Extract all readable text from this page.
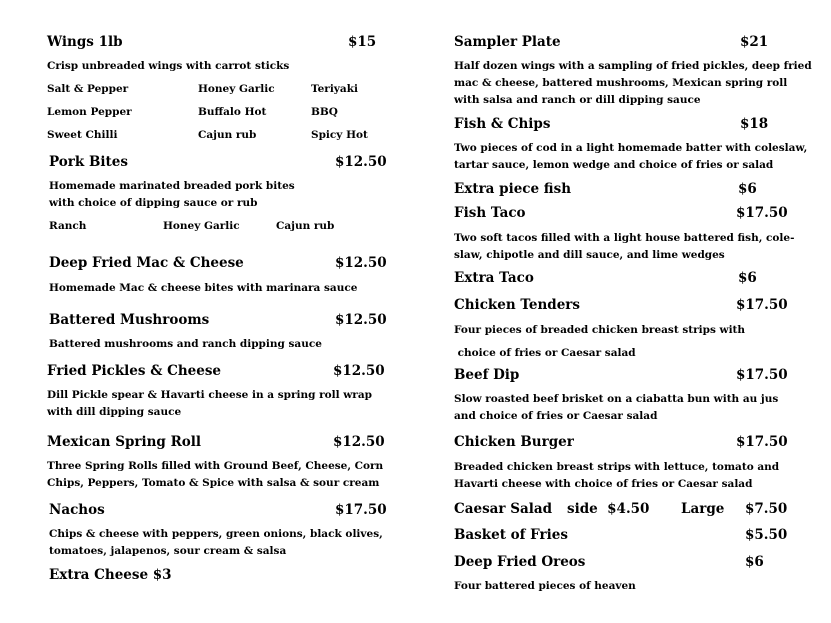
Wings 1lb	$15
Crisp unbreaded wings with carrot sticks
Salt & Pepper	Honey Garlic	Teriyaki
Lemon Pepper	Buffalo Hot	BBQ
Sweet Chilli	Cajun rub	Spicy Hot
Pork Bites	$12.50
Homemade marinated breaded pork bites
with choice of dipping sauce or rub
Ranch	Honey Garlic	Cajun rub
Deep Fried Mac & Cheese	$12.50
Homemade Mac & cheese bites with marinara sauce
Battered Mushrooms	$12.50
Battered mushrooms and ranch dipping sauce
Fried Pickles & Cheese	$12.50
Dill Pickle spear & Havarti cheese in a spring roll wrap
with dill dipping sauce
Mexican Spring Roll	$12.50
Three Spring Rolls filled with Ground Beef, Cheese, Corn
Chips, Peppers, Tomato & Spice with salsa & sour cream
Nachos	$17.50
Chips & cheese with peppers, green onions, black olives,
tomatoes, jalapenos, sour cream & salsa
Extra Cheese $3
Sampler Plate	$21
Half dozen wings with a sampling of fried pickles, deep fried
mac & cheese, battered mushrooms, Mexican spring roll
with salsa and ranch or dill dipping sauce
Fish & Chips	$18
Two pieces of cod in a light homemade batter with coleslaw,
tartar sauce, lemon wedge and choice of fries or salad
Extra piece fish	$6
Fish Taco	$17.50
Two soft tacos filled with a light house battered fish, cole-
slaw, chipotle and dill sauce, and lime wedges
Extra Taco	$6
Chicken Tenders	$17.50
Four pieces of breaded chicken breast strips with
choice of fries or Caesar salad
Beef Dip	$17.50
Slow roasted beef brisket on a ciabatta bun with au jus
and choice of fries or Caesar salad
Chicken Burger	$17.50
Breaded chicken breast strips with lettuce, tomato and
Havarti cheese with choice of fries or Caesar salad
Caesar Salad side  $4.50 Large $7.50
Basket of Fries	$5.50
Deep Fried Oreos	$6
Four battered pieces of heaven
